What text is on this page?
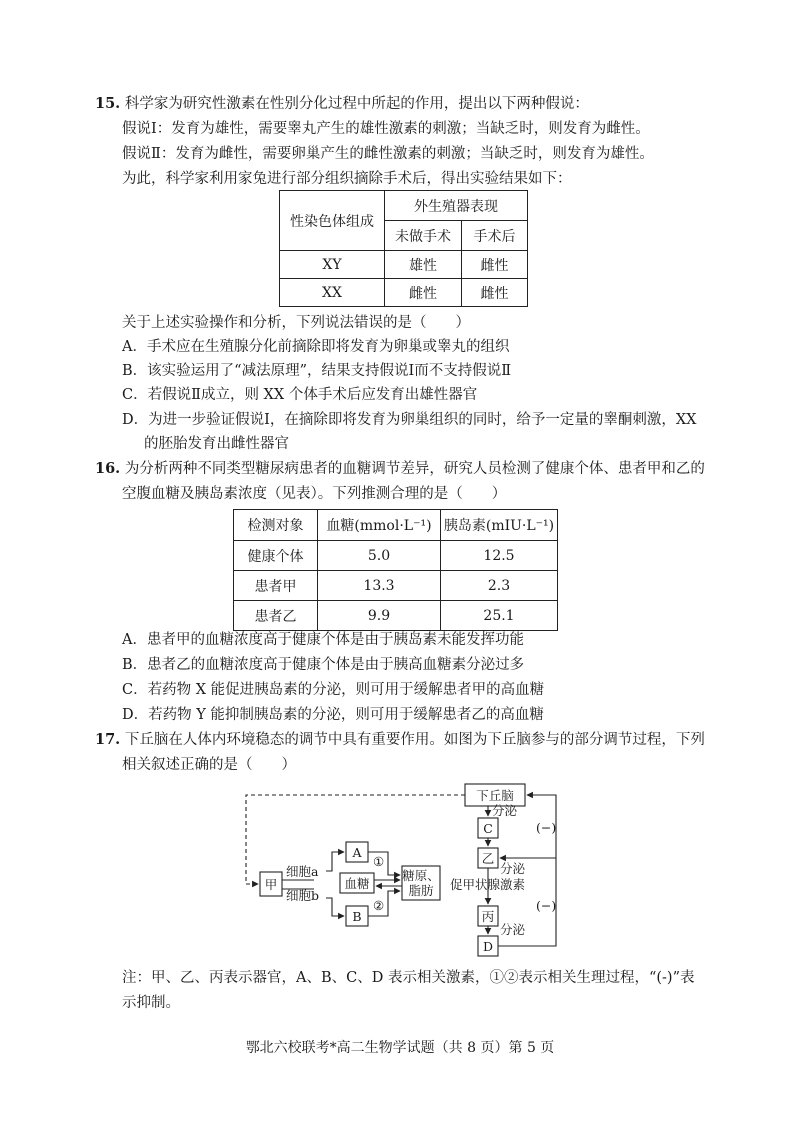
15. 科学家为研究性激素在性别分化过程中所起的作用，提出以下两种假说：
假说Ⅰ：发育为雄性，需要睾丸产生的雄性激素的刺激；当缺乏时，则发育为雌性。
假说Ⅱ：发育为雌性，需要卵巢产生的雌性激素的刺激；当缺乏时，则发育为雄性。
为此，科学家利用家兔进行部分组织摘除手术后，得出实验结果如下：
性染色体组成	外生殖器表现	
	未做手术	手术后
XY	雄性	雌性
XX	雌性	雌性
关于上述实验操作和分析，下列说法错误的是（　　）
A．手术应在生殖腺分化前摘除即将发育为卵巢或睾丸的组织
B．该实验运用了“减法原理”，结果支持假说Ⅰ而不支持假说Ⅱ
C．若假说Ⅱ成立，则 XX 个体手术后应发育出雄性器官
D．为进一步验证假说Ⅰ，在摘除即将发育为卵巢组织的同时，给予一定量的睾酮刺激，XX
的胚胎发育出雌性器官
16. 为分析两种不同类型糖尿病患者的血糖调节差异，研究人员检测了健康个体、患者甲和乙的
空腹血糖及胰岛素浓度（见表）。下列推测合理的是（　　）
检测对象	血糖(mmol·L⁻¹)	胰岛素(mIU·L⁻¹)
健康个体	5.0	12.5
患者甲	13.3	2.3
患者乙	9.9	25.1
A．患者甲的血糖浓度高于健康个体是由于胰岛素未能发挥功能
B．患者乙的血糖浓度高于健康个体是由于胰高血糖素分泌过多
C．若药物 X 能促进胰岛素的分泌，则可用于缓解患者甲的高血糖
D．若药物 Y 能抑制胰岛素的分泌，则可用于缓解患者乙的高血糖
17. 下丘脑在人体内环境稳态的调节中具有重要作用。如图为下丘脑参与的部分调节过程，下列
相关叙述正确的是（　　）
下丘脑
甲
细胞a
细胞b
A
B
血糖
糖原、
脂肪
①
②
C
乙
丙
D
分泌
分泌
分泌
促甲状腺激素
(−)
(−)
注：甲、乙、丙表示器官，A、B、C、D 表示相关激素，①②表示相关生理过程，“(-)”表
示抑制。
鄂北六校联考*高二生物学试题（共 8 页）第 5 页
